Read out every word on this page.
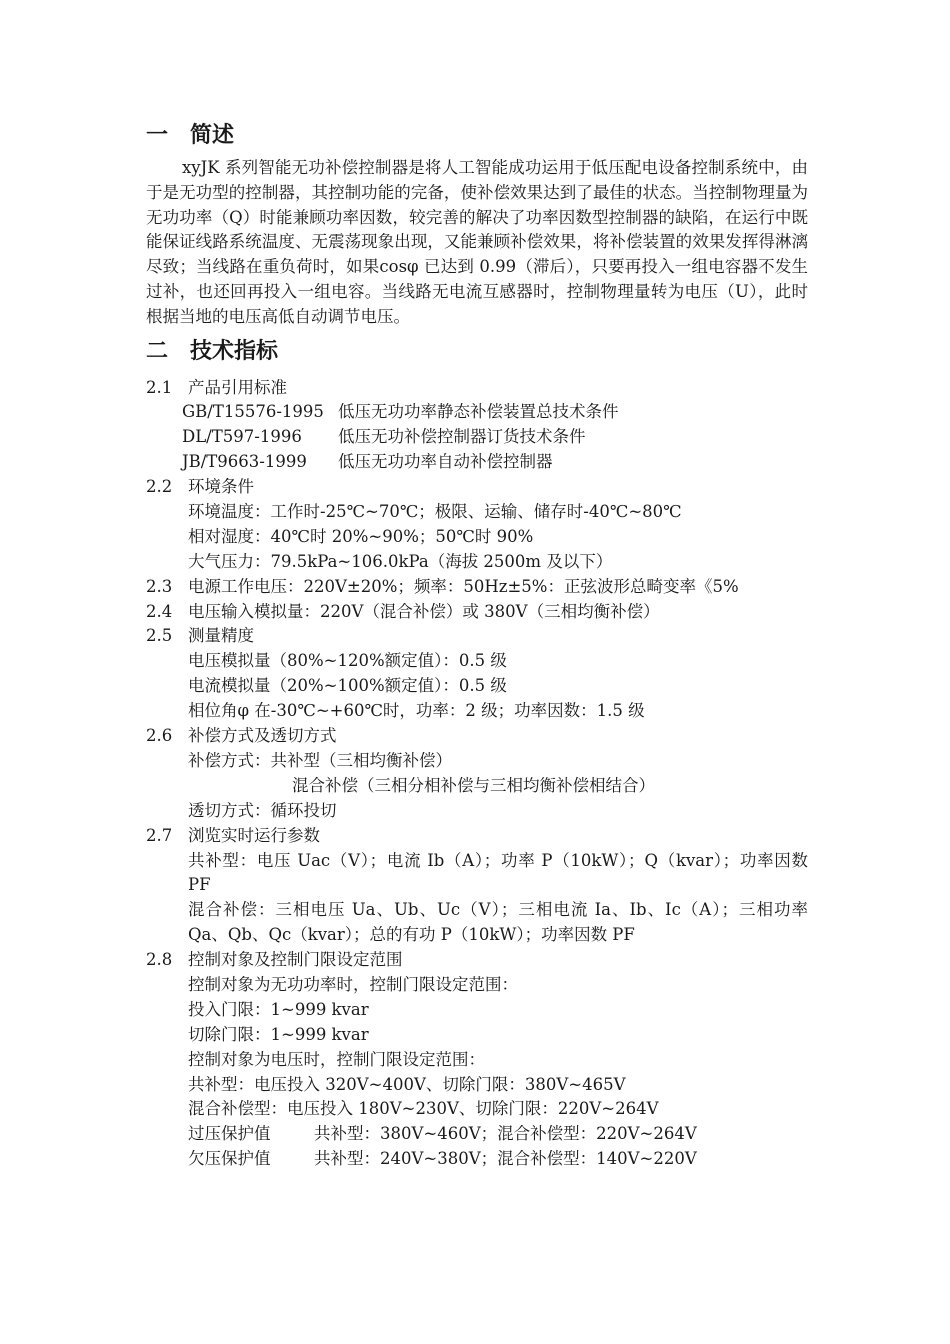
一 简述

xyJK 系列智能无功补偿控制器是将人工智能成功运用于低压配电设备控制系统中，由于是无功型的控制器，其控制功能的完备，使补偿效果达到了最佳的状态。当控制物理量为无功功率（Q）时能兼顾功率因数，较完善的解决了功率因数型控制器的缺陷，在运行中既能保证线路系统温度、无震荡现象出现，又能兼顾补偿效果，将补偿装置的效果发挥得淋漓尽致；当线路在重负荷时，如果cosφ 已达到 0.99（滞后），只要再投入一组电容器不发生过补，也还回再投入一组电容。当线路无电流互感器时，控制物理量转为电压（U），此时根据当地的电压高低自动调节电压。

二 技术指标
2.1 产品引用标准
GB/T15576-1995 低压无功功率静态补偿装置总技术条件
DL/T597-1996 低压无功补偿控制器订货技术条件
JB/T9663-1999 低压无功功率自动补偿控制器
2.2 环境条件
环境温度：工作时-25℃~70℃；极限、运输、储存时-40℃~80℃
相对湿度：40℃时 20%~90%；50℃时 90%
大气压力：79.5kPa~106.0kPa（海拔 2500m 及以下）
2.3 电源工作电压：220V±20%；频率：50Hz±5%：正弦波形总畸变率《5%
2.4 电压输入模拟量：220V（混合补偿）或 380V（三相均衡补偿）
2.5 测量精度
电压模拟量（80%~120%额定值）：0.5 级
电流模拟量（20%~100%额定值）：0.5 级
相位角φ 在-30℃~+60℃时，功率：2 级；功率因数：1.5 级
2.6 补偿方式及透切方式
补偿方式：共补型（三相均衡补偿）
混合补偿（三相分相补偿与三相均衡补偿相结合）
透切方式：循环投切
2.7 浏览实时运行参数
共补型：电压 Uac（V）；电流 Ib（A）；功率 P（10kW）；Q（kvar）；功率因数 PF
混合补偿：三相电压 Ua、Ub、Uc（V）；三相电流 Ia、Ib、Ic（A）；三相功率 Qa、Qb、Qc（kvar）；总的有功 P（10kW）；功率因数 PF
2.8 控制对象及控制门限设定范围
控制对象为无功功率时，控制门限设定范围：
投入门限：1~999 kvar
切除门限：1~999 kvar
控制对象为电压时，控制门限设定范围：
共补型：电压投入 320V~400V、切除门限：380V~465V
混合补偿型：电压投入 180V~230V、切除门限：220V~264V
过压保护值	共补型：380V~460V；混合补偿型：220V~264V
欠压保护值	共补型：240V~380V；混合补偿型：140V~220V
